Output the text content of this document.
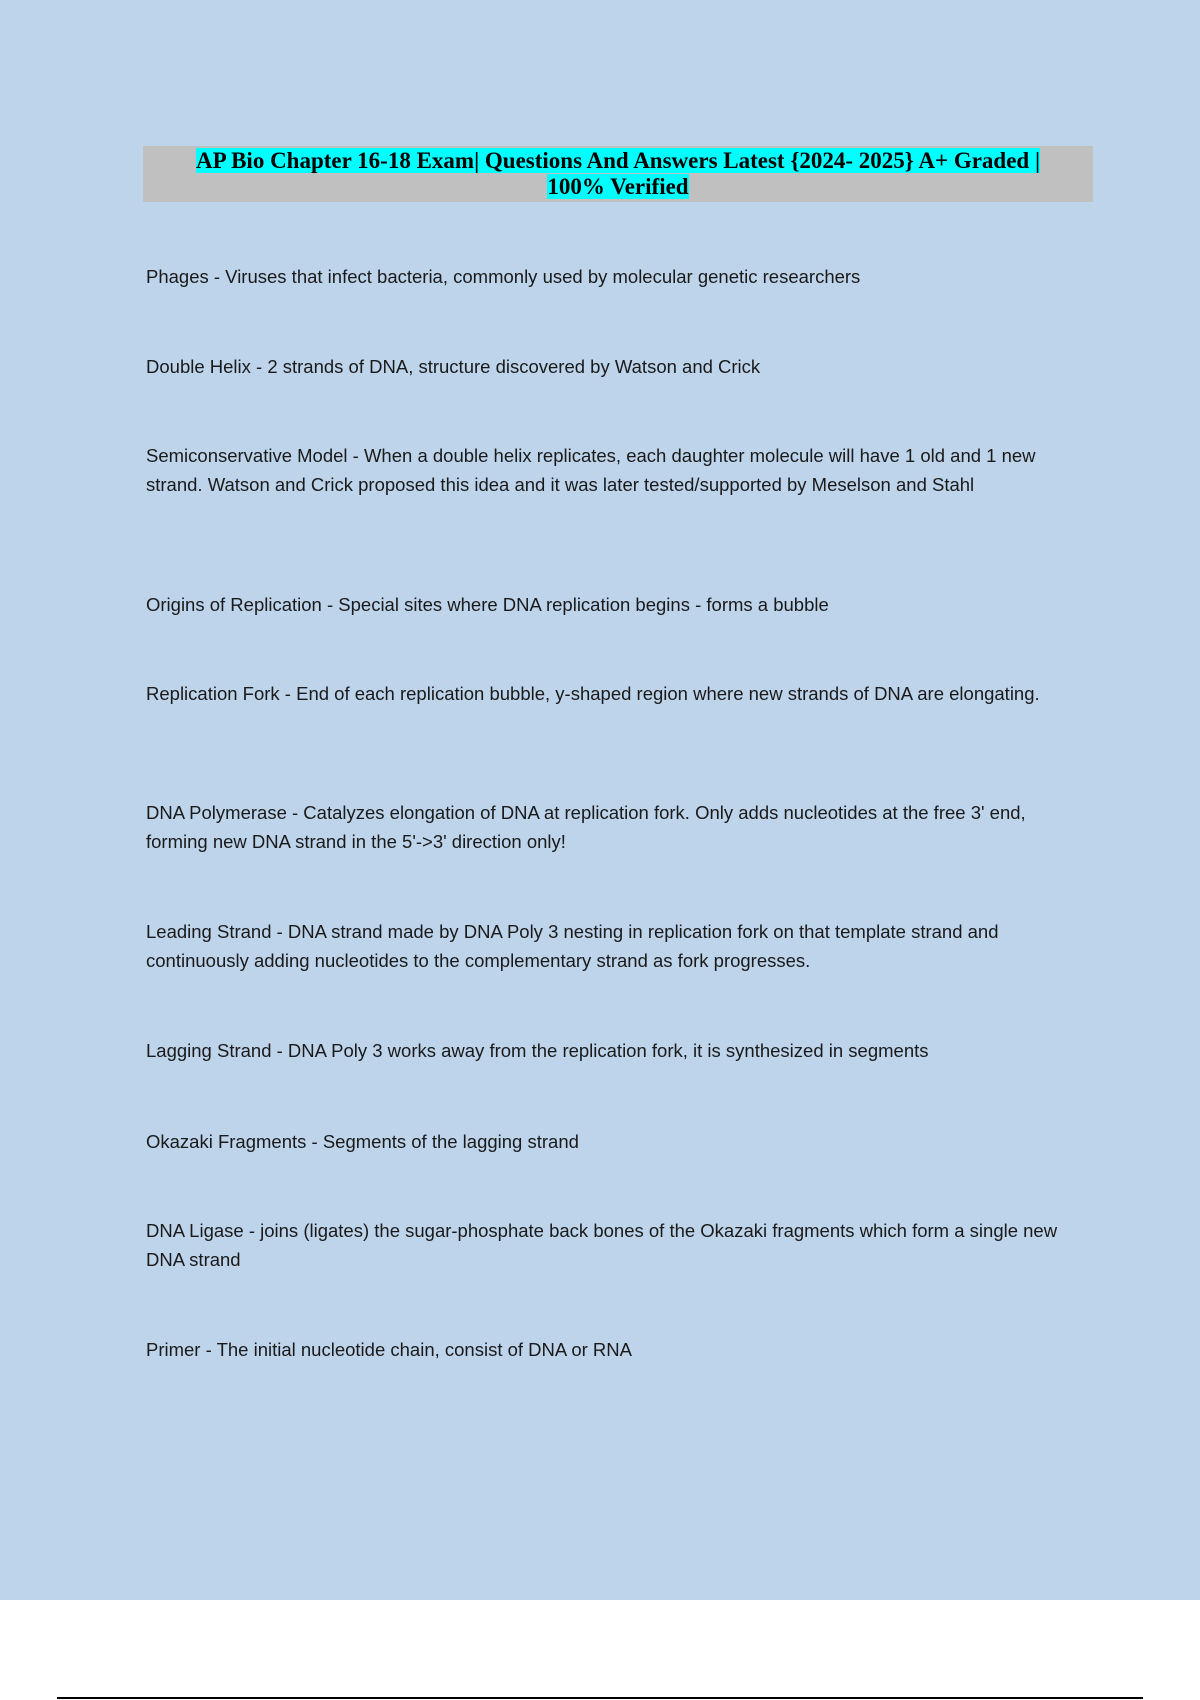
AP Bio Chapter 16-18 Exam| Questions And Answers Latest {2024- 2025} A+ Graded |
100% Verified

Phages - Viruses that infect bacteria, commonly used by molecular genetic researchers

Double Helix - 2 strands of DNA, structure discovered by Watson and Crick

Semiconservative Model - When a double helix replicates, each daughter molecule will have 1 old and 1 new strand. Watson and Crick proposed this idea and it was later tested/supported by Meselson and Stahl

Origins of Replication - Special sites where DNA replication begins - forms a bubble

Replication Fork - End of each replication bubble, y-shaped region where new strands of DNA are elongating.

DNA Polymerase - Catalyzes elongation of DNA at replication fork. Only adds nucleotides at the free 3' end, forming new DNA strand in the 5'->3' direction only!

Leading Strand - DNA strand made by DNA Poly 3 nesting in replication fork on that template strand and continuously adding nucleotides to the complementary strand as fork progresses.

Lagging Strand - DNA Poly 3 works away from the replication fork, it is synthesized in segments

Okazaki Fragments - Segments of the lagging strand

DNA Ligase - joins (ligates) the sugar-phosphate back bones of the Okazaki fragments which form a single new DNA strand

Primer - The initial nucleotide chain, consist of DNA or RNA
